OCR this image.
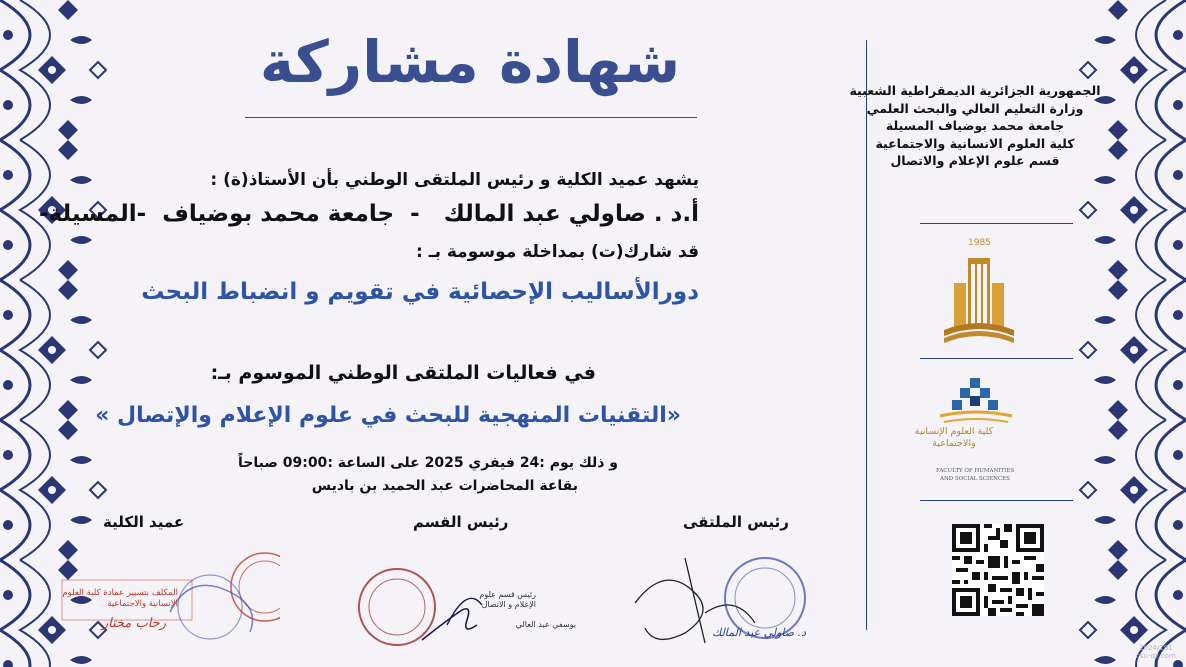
شهادة مشاركة
يشهد عميد الكلية و رئيس الملتقى الوطني بأن الأستاذ(ة) :
أ.د . صاولي عبد المالك   -  جامعة محمد بوضياف  -المسيلة-
قد شارك(ت) بمداخلة موسومة بـ :
دورالأساليب الإحصائية في تقويم و انضباط البحث
في فعاليات الملتقى الوطني الموسوم بـ:
«التقنيات المنهجية للبحث في علوم الإعلام والإتصال »
و ذلك يوم :24 فيفري 2025 على الساعة :09:00 صباحاً
بقاعة المحاضرات عبد الحميد بن باديس
رئيس الملتقى
رئيس القسم
عميد الكلية
المكلف بتسيير عمادة كلية العلوم الإنسانية والاجتماعية
رحاب مختار
رئيس قسم علوم الإعلام و الاتصال
يوسفي عبد العالي
د. صاولي عبد المالك
الجمهورية الجزائرية الديمقراطية الشعبية
وزارة التعليم العالي والبحث العلمي
جامعة محمد بوضياف المسيلة
كلية العلوم الانسانية والاجتماعية
قسم علوم الإعلام والاتصال
1985
كلية العلوم الإنسانية والاجتماعية
FACULTY OF HUMANITIES
AND SOCIAL SCIENCES
2024/181
csu-dz.com
